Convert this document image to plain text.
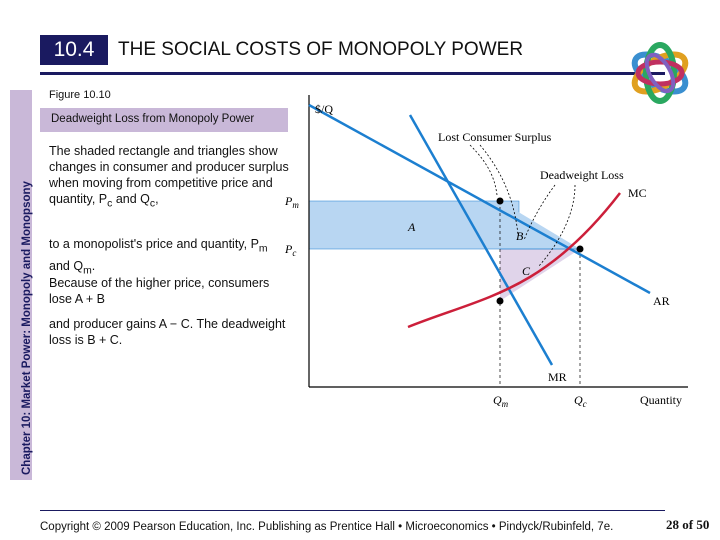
10.4 THE SOCIAL COSTS OF MONOPOLY POWER
Chapter 10: Market Power: Monopoly and Monopsony
Figure 10.10
Deadweight Loss from Monopoly Power
The shaded rectangle and triangles show changes in consumer and producer surplus when moving from competitive price and quantity, $P_c$ and $Q_c$,
to a monopolist's price and quantity, $P_m$ and $Q_m$.
Because of the higher price, consumers lose A + B
and producer gains A − C. The deadweight loss is B + C.
$/Q
Quantity
$P_m$
$P_c$
$Q_m$	$Q_c$
A
B
C
Lost Consumer Surplus
Deadweight Loss
MC
AR
MR
Copyright © 2009 Pearson Education, Inc. Publishing as Prentice Hall • Microeconomics • Pindyck/Rubinfeld, 7e.	28 of 50
